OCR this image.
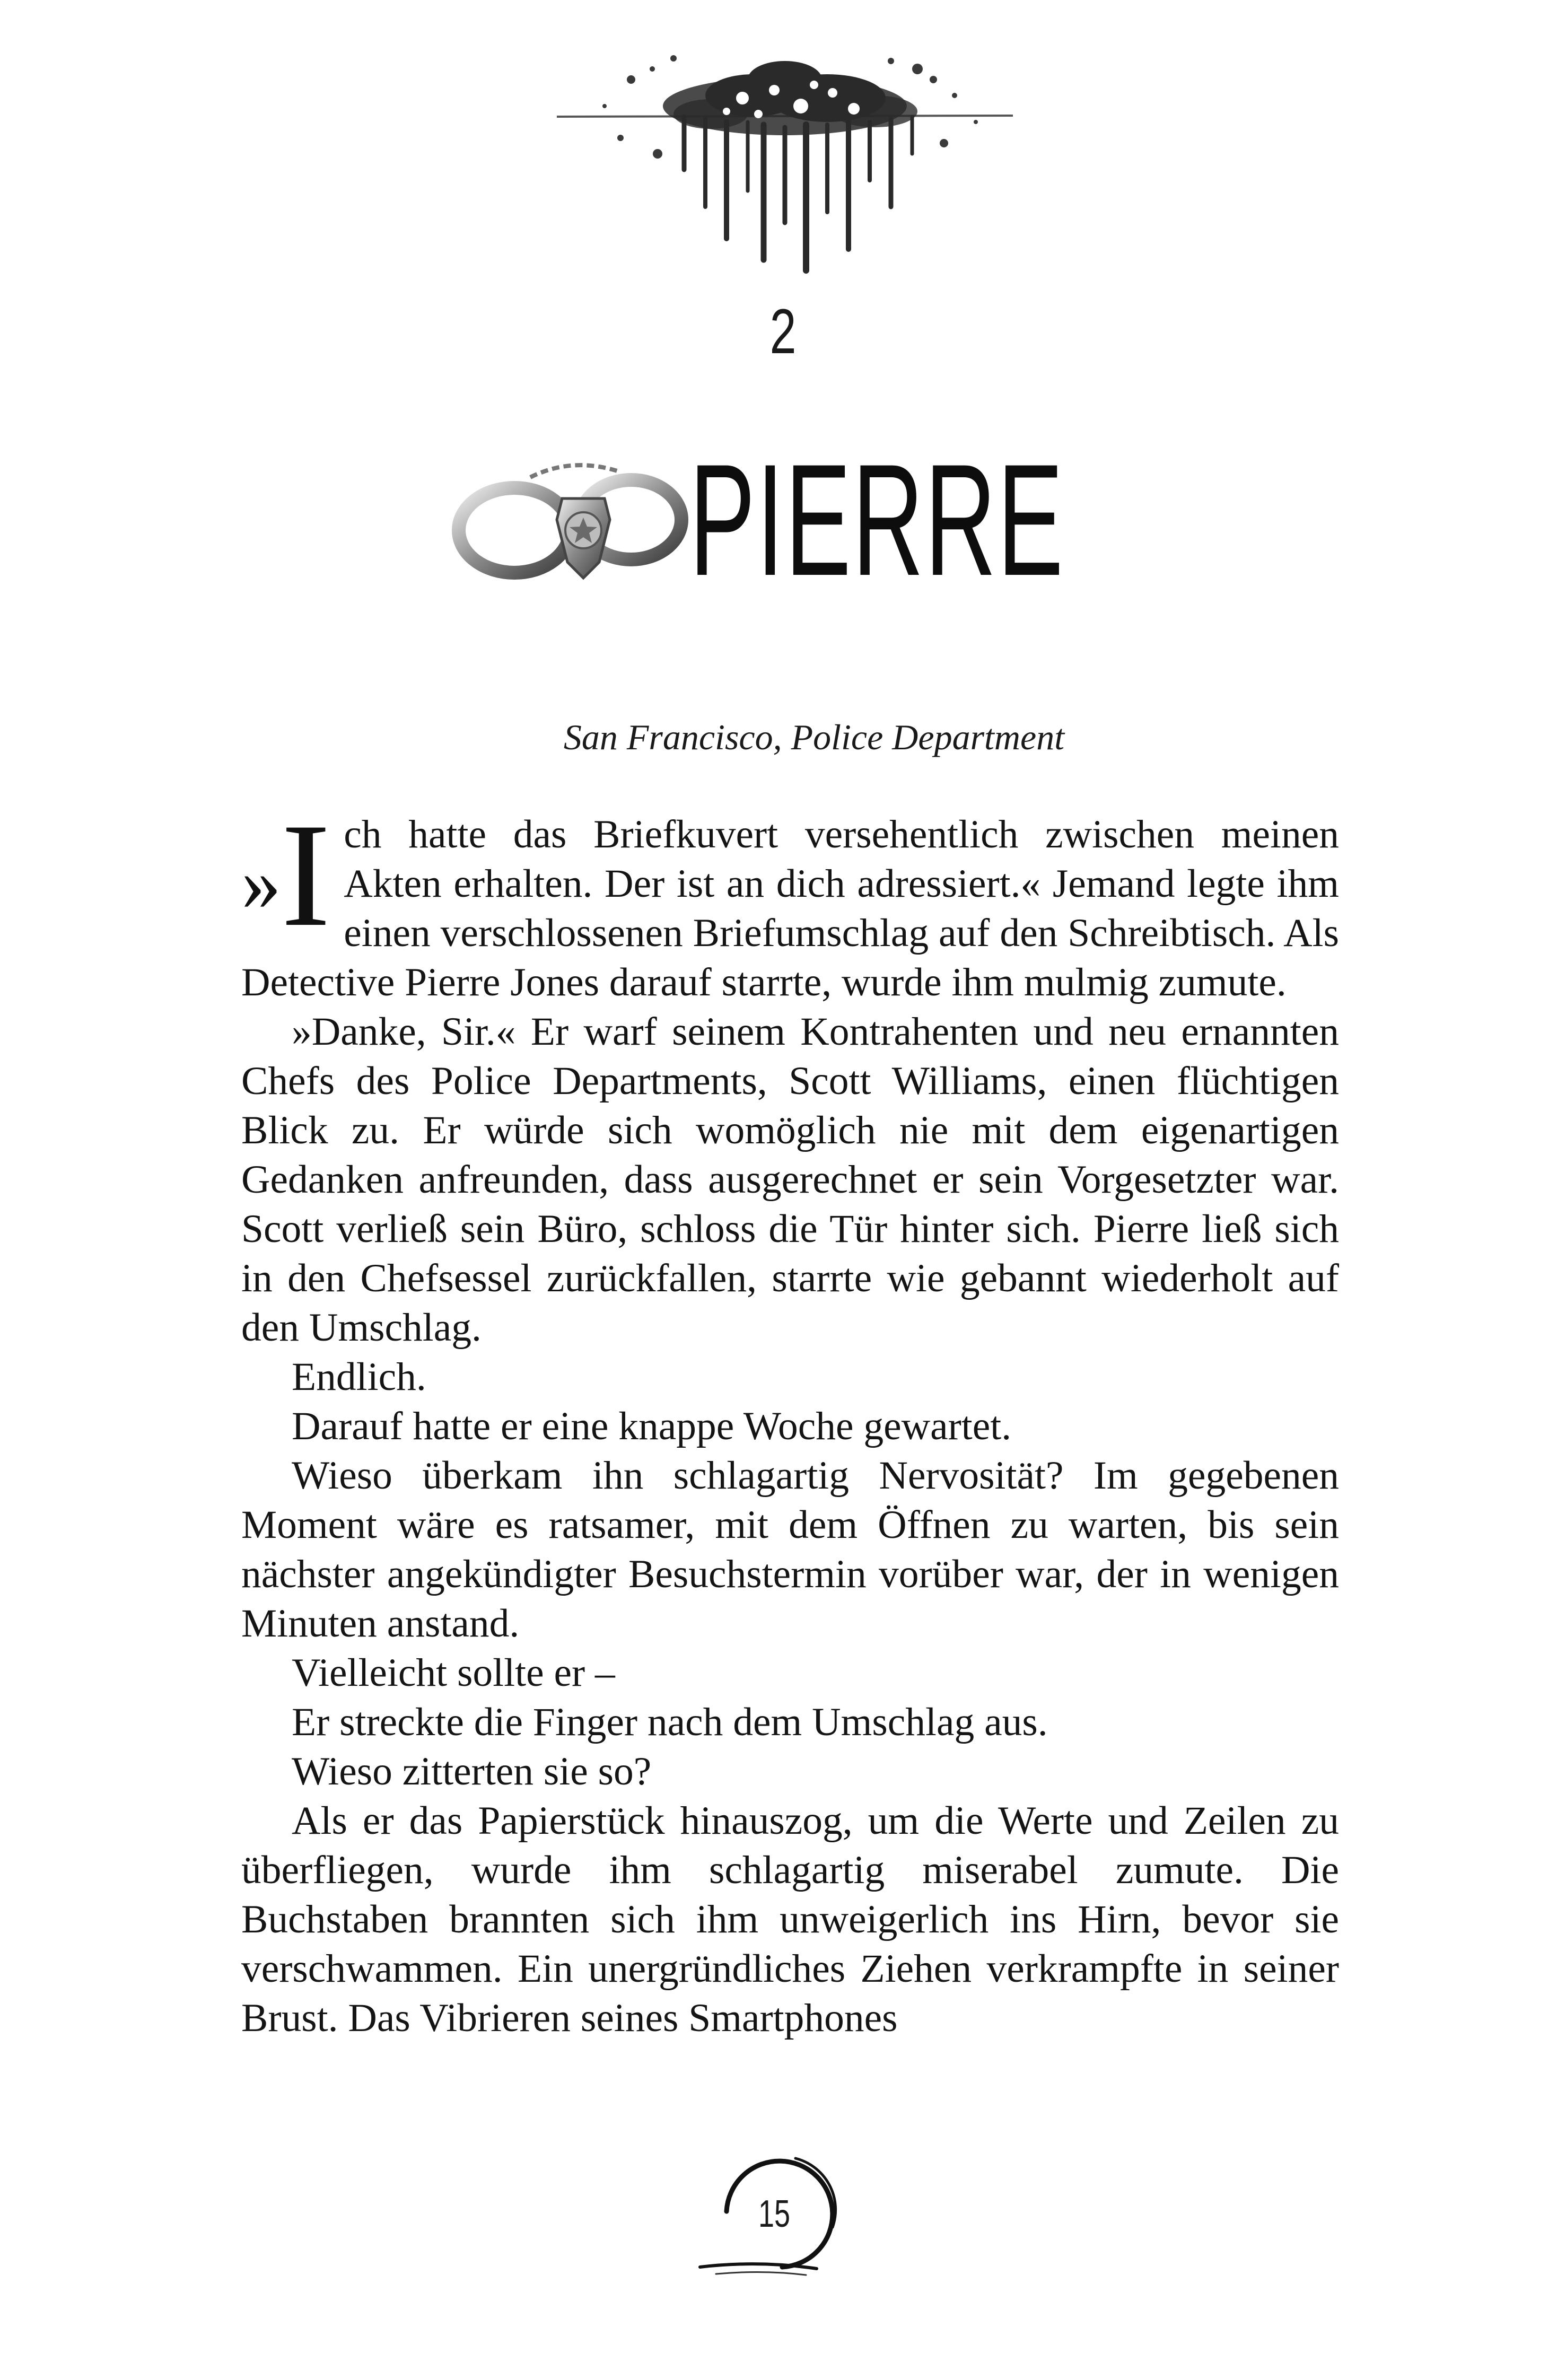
2
PIERRE
San Francisco, Police Department

» I ch hatte das Briefkuvert versehentlich zwischen meinen Akten erhalten. Der ist an dich adressiert.« Jemand legte ihm einen verschlossenen Briefumschlag auf den Schreibtisch. Als Detective Pierre Jones darauf starrte, wurde ihm mulmig zumute.

»Danke, Sir.« Er warf seinem Kontrahenten und neu ernannten Chefs des Police Departments, Scott Williams, einen flüchtigen Blick zu. Er würde sich womöglich nie mit dem eigenartigen Gedanken anfreunden, dass ausgerechnet er sein Vorgesetzter war. Scott verließ sein Büro, schloss die Tür hinter sich. Pierre ließ sich in den Chefsessel zurückfallen, starrte wie gebannt wiederholt auf den Umschlag.

Endlich.

Darauf hatte er eine knappe Woche gewartet.

Wieso überkam ihn schlagartig Nervosität? Im gegebenen Moment wäre es ratsamer, mit dem Öffnen zu warten, bis sein nächster angekündigter Besuchstermin vorüber war, der in wenigen Minuten anstand.

Vielleicht sollte er –

Er streckte die Finger nach dem Umschlag aus.

Wieso zitterten sie so?

Als er das Papierstück hinauszog, um die Werte und Zeilen zu überfliegen, wurde ihm schlagartig miserabel zumute. Die Buchstaben brannten sich ihm unweigerlich ins Hirn, bevor sie verschwammen. Ein unergründliches Ziehen verkrampfte in seiner Brust. Das Vibrieren seines Smartphones

15
